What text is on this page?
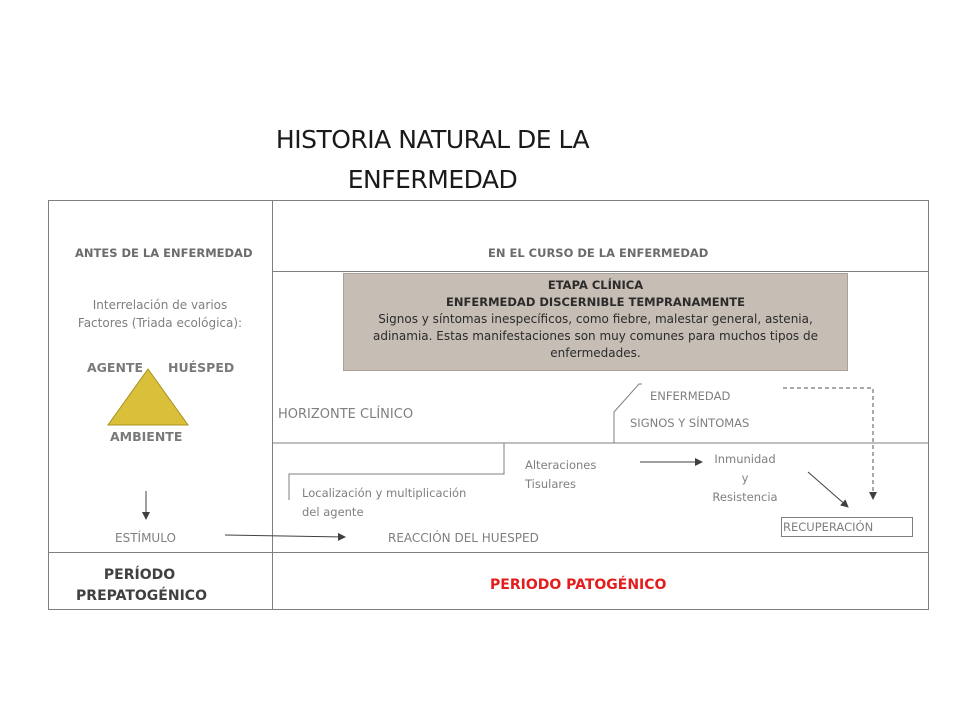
HISTORIA NATURAL DE LA
ENFERMEDAD
ANTES DE LA ENFERMEDAD	EN EL CURSO DE LA ENFERMEDAD
Interrelación de varios
Factores (Triada ecológica):
AGENTE HUÉSPED
AMBIENTE
ESTÍMULO
ETAPA CLÍNICA
ENFERMEDAD DISCERNIBLE TEMPRANAMENTE
Signos y síntomas inespecíficos, como fiebre, malestar general, astenia, adinamia. Estas manifestaciones son muy comunes para muchos tipos de enfermedades.
HORIZONTE CLÍNICO
ENFERMEDAD
SIGNOS Y SÍNTOMAS
Alteraciones
Tisulares
Inmunidad
y
Resistencia
Localización y multiplicación
del agente
RECUPERACIÓN
REACCIÓN DEL HUESPED
PERÍODO
PREPATOGÉNICO
PERIODO PATOGÉNICO
